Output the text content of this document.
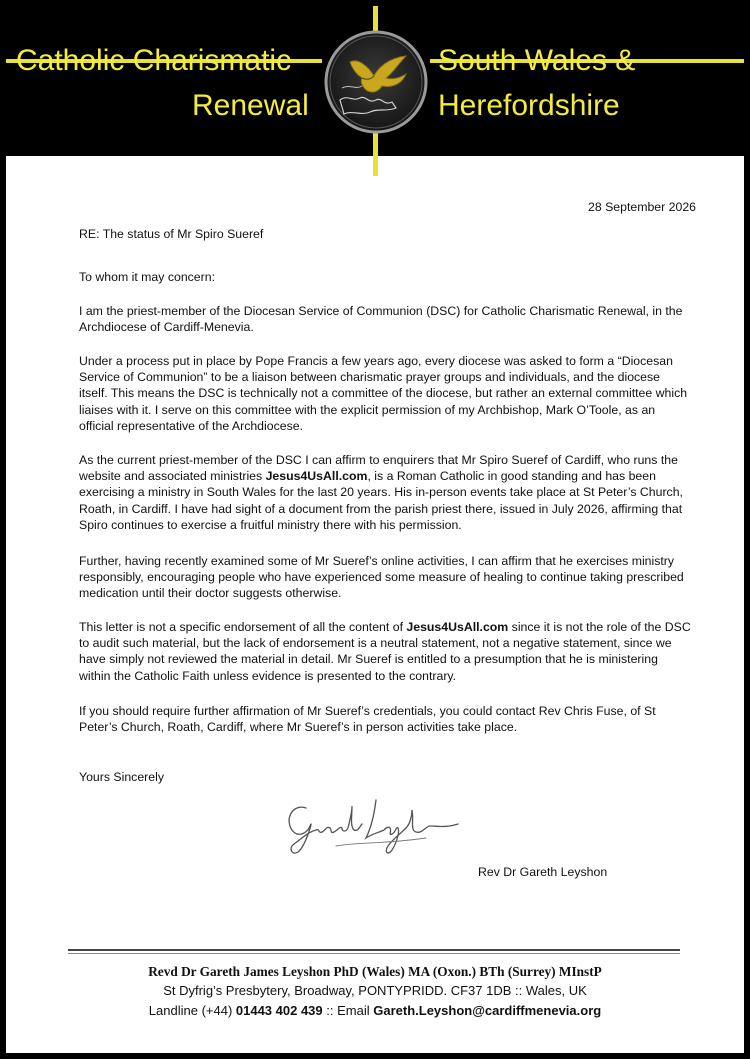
Catholic Charismatic
Renewal
South Wales &
Herefordshire
28 September 2026
RE: The status of Mr Spiro Sueref

To whom it may concern:

I am the priest-member of the Diocesan Service of Communion (DSC) for Catholic Charismatic Renewal, in the Archdiocese of Cardiff-Menevia.

Under a process put in place by Pope Francis a few years ago, every diocese was asked to form a “Diocesan Service of Communion” to be a liaison between charismatic prayer groups and individuals, and the diocese itself. This means the DSC is technically not a committee of the diocese, but rather an external committee which liaises with it. I serve on this committee with the explicit permission of my Archbishop, Mark O’Toole, as an official representative of the Archdiocese.

As the current priest-member of the DSC I can affirm to enquirers that Mr Spiro Sueref of Cardiff, who runs the website and associated ministries Jesus4UsAll.com, is a Roman Catholic in good standing and has been exercising a ministry in South Wales for the last 20 years. His in-person events take place at St Peter’s Church, Roath, in Cardiff. I have had sight of a document from the parish priest there, issued in July 2026, affirming that Spiro continues to exercise a fruitful ministry there with his permission.

Further, having recently examined some of Mr Sueref’s online activities, I can affirm that he exercises ministry responsibly, encouraging people who have experienced some measure of healing to continue taking prescribed medication until their doctor suggests otherwise.

This letter is not a specific endorsement of all the content of Jesus4UsAll.com since it is not the role of the DSC to audit such material, but the lack of endorsement is a neutral statement, not a negative statement, since we have simply not reviewed the material in detail. Mr Sueref is entitled to a presumption that he is ministering within the Catholic Faith unless evidence is presented to the contrary.

If you should require further affirmation of Mr Sueref’s credentials, you could contact Rev Chris Fuse, of St Peter’s Church, Roath, Cardiff, where Mr Sueref’s in person activities take place.

Yours Sincerely

Rev Dr Gareth Leyshon
Revd Dr Gareth James Leyshon PhD (Wales) MA (Oxon.) BTh (Surrey) MInstP
St Dyfrig’s Presbytery, Broadway, PONTYPRIDD. CF37 1DB :: Wales, UK
Landline (+44) 01443 402 439 :: Email Gareth.Leyshon@cardiffmenevia.org
